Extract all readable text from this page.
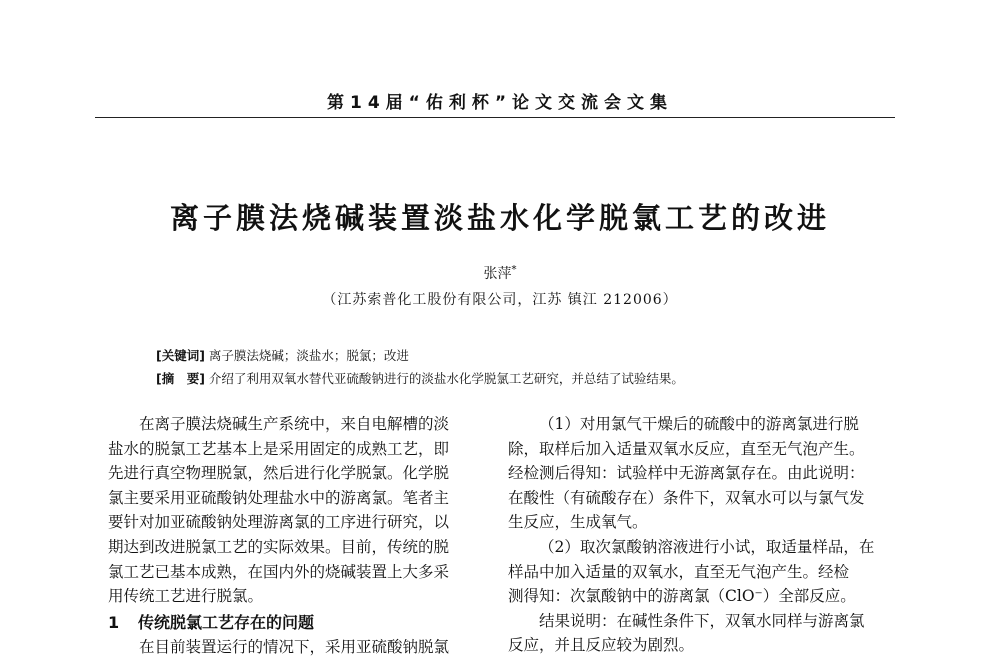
第14届“佑利杯”论文交流会文集
离子膜法烧碱装置淡盐水化学脱氯工艺的改进
张萍*
（江苏索普化工股份有限公司，江苏 镇江 212006）
[关键词] 离子膜法烧碱；淡盐水；脱氯；改进
[摘　要] 介绍了利用双氧水替代亚硫酸钠进行的淡盐水化学脱氯工艺研究，并总结了试验结果。
在离子膜法烧碱生产系统中，来自电解槽的淡
盐水的脱氯工艺基本上是采用固定的成熟工艺，即
先进行真空物理脱氯，然后进行化学脱氯。化学脱
氯主要采用亚硫酸钠处理盐水中的游离氯。笔者主
要针对加亚硫酸钠处理游离氯的工序进行研究，以
期达到改进脱氯工艺的实际效果。目前，传统的脱
氯工艺已基本成熟，在国内外的烧碱装置上大多采
用传统工艺进行脱氯。
1 传统脱氯工艺存在的问题
在目前装置运行的情况下，采用亚硫酸钠脱氯
（1）对用氯气干燥后的硫酸中的游离氯进行脱
除，取样后加入适量双氧水反应，直至无气泡产生。
经检测后得知：试验样中无游离氯存在。由此说明：
在酸性（有硫酸存在）条件下，双氧水可以与氯气发
生反应，生成氧气。
（2）取次氯酸钠溶液进行小试，取适量样品，在
样品中加入适量的双氧水，直至无气泡产生。经检
测得知：次氯酸钠中的游离氯（ClO⁻）全部反应。
结果说明：在碱性条件下，双氧水同样与游离氯
反应，并且反应较为剧烈。
